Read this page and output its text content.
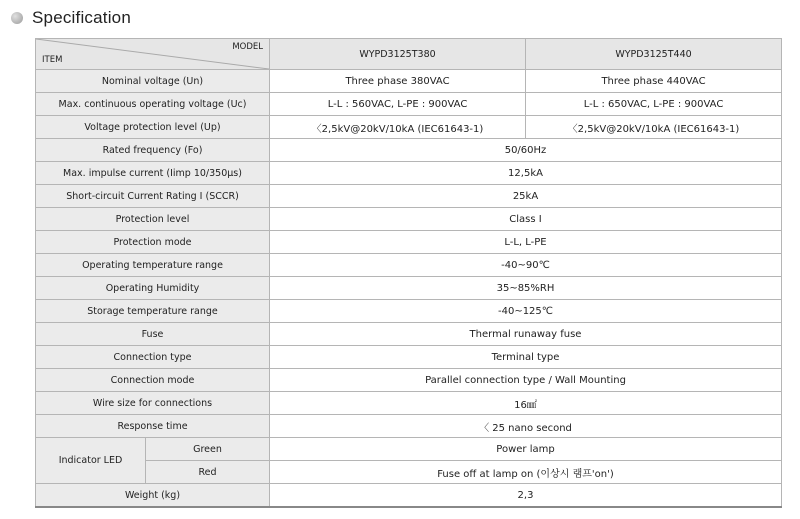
Specification
MODEL
ITEM		WYPD3125T380	WYPD3125T440
Nominal voltage (Un)		Three phase 380VAC	Three phase 440VAC
Max. continuous operating voltage (Uc)		L-L : 560VAC, L-PE : 900VAC	L-L : 650VAC, L-PE : 900VAC
Voltage protection level (Up)		〈2,5kV@20kV/10kA (IEC61643-1)	〈2,5kV@20kV/10kA (IEC61643-1)
Rated frequency (Fo)		50/60Hz	
Max. impulse current (Iimp 10/350μs)		12,5kA	
Short-circuit Current Rating I (SCCR)		25kA	
Protection level		Class I	
Protection mode		L-L, L-PE	
Operating temperature range		-40~90℃	
Operating Humidity		35~85%RH	
Storage temperature range		-40~125℃	
Fuse		Thermal runaway fuse	
Connection type		Terminal type	
Connection mode		Parallel connection type / Wall Mounting	
Wire size for connections		16㎟	
Response time		〈 25 nano second	
Indicator LED	Green	Power lamp	
	Red	Fuse off at lamp on (이상시 램프'on')	
Weight (kg)		2,3	
